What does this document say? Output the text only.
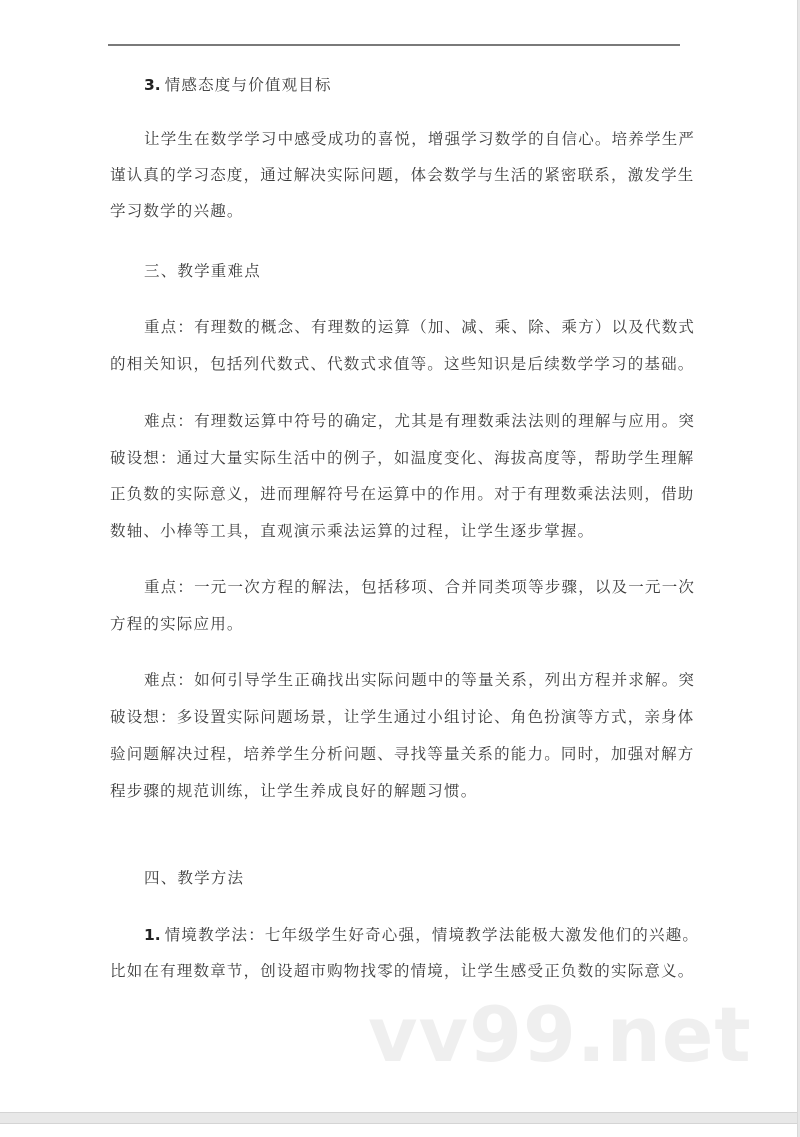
3. 情感态度与价值观目标
让学生在数学学习中感受成功的喜悦，增强学习数学的自信心。培养学生严
谨认真的学习态度，通过解决实际问题，体会数学与生活的紧密联系，激发学生
学习数学的兴趣。
三、教学重难点
重点：有理数的概念、有理数的运算（加、减、乘、除、乘方）以及代数式
的相关知识，包括列代数式、代数式求值等。这些知识是后续数学学习的基础。
难点：有理数运算中符号的确定，尤其是有理数乘法法则的理解与应用。突
破设想：通过大量实际生活中的例子，如温度变化、海拔高度等，帮助学生理解
正负数的实际意义，进而理解符号在运算中的作用。对于有理数乘法法则，借助
数轴、小棒等工具，直观演示乘法运算的过程，让学生逐步掌握。
重点：一元一次方程的解法，包括移项、合并同类项等步骤，以及一元一次
方程的实际应用。
难点：如何引导学生正确找出实际问题中的等量关系，列出方程并求解。突
破设想：多设置实际问题场景，让学生通过小组讨论、角色扮演等方式，亲身体
验问题解决过程，培养学生分析问题、寻找等量关系的能力。同时，加强对解方
程步骤的规范训练，让学生养成良好的解题习惯。
四、教学方法
1. 情境教学法：七年级学生好奇心强，情境教学法能极大激发他们的兴趣。
比如在有理数章节，创设超市购物找零的情境，让学生感受正负数的实际意义。
vv99.net
